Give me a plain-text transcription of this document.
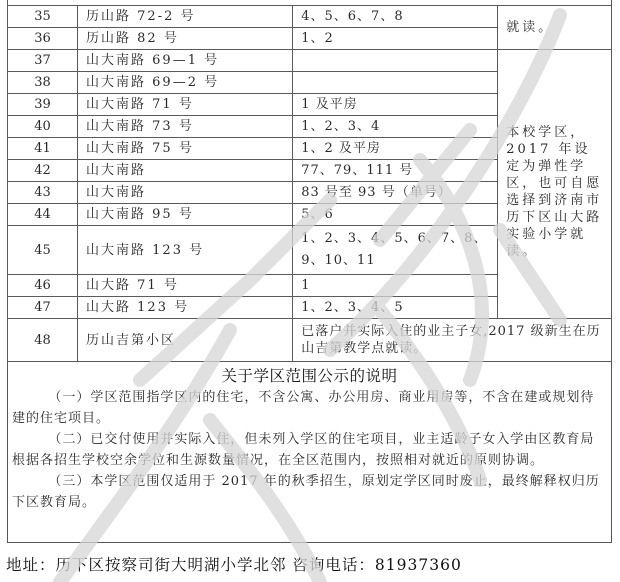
35	历山路 72-2 号	4、5、6、7、8	就读。
36	历山路 82 号	1、2	
37	山大南路 69—1 号		本校学区，2017 年设定为弹性学区，也可自愿选择到济南市历下区山大路实验小学就读。
38	山大南路 69—2 号		
39	山大南路 71 号	1 及平房	
40	山大南路 73 号	1、2、3、4	
41	山大南路 75 号	1、2 及平房	
42	山大南路	77、79、111 号	
43	山大南路	83 号至 93 号（单号）	
44	山大南路 95 号	5、6	
45	山大南路 123 号	1、2、3、4、5、6、7、8、9、10、11	
46	山大路 71 号	1	
47	山大路 123 号	1、2、3、4、5	
48	历山吉第小区	已落户并实际入住的业主子女,2017 级新生在历山吉第教学点就读。	
关于学区范围公示的说明

（一）学区范围指学区内的住宅，不含公寓、办公用房、商业用房等，不含在建或规划待建的住宅项目。

（二）已交付使用并实际入住，但未列入学区的住宅项目，业主适龄子女入学由区教育局根据各招生学校空余学位和生源数量情况，在全区范围内，按照相对就近的原则协调。

（三）本学区范围仅适用于 2017 年的秋季招生，原划定学区同时废止，最终解释权归历下区教育局。

地址：历下区按察司街大明湖小学北邻 咨询电话：81937360
